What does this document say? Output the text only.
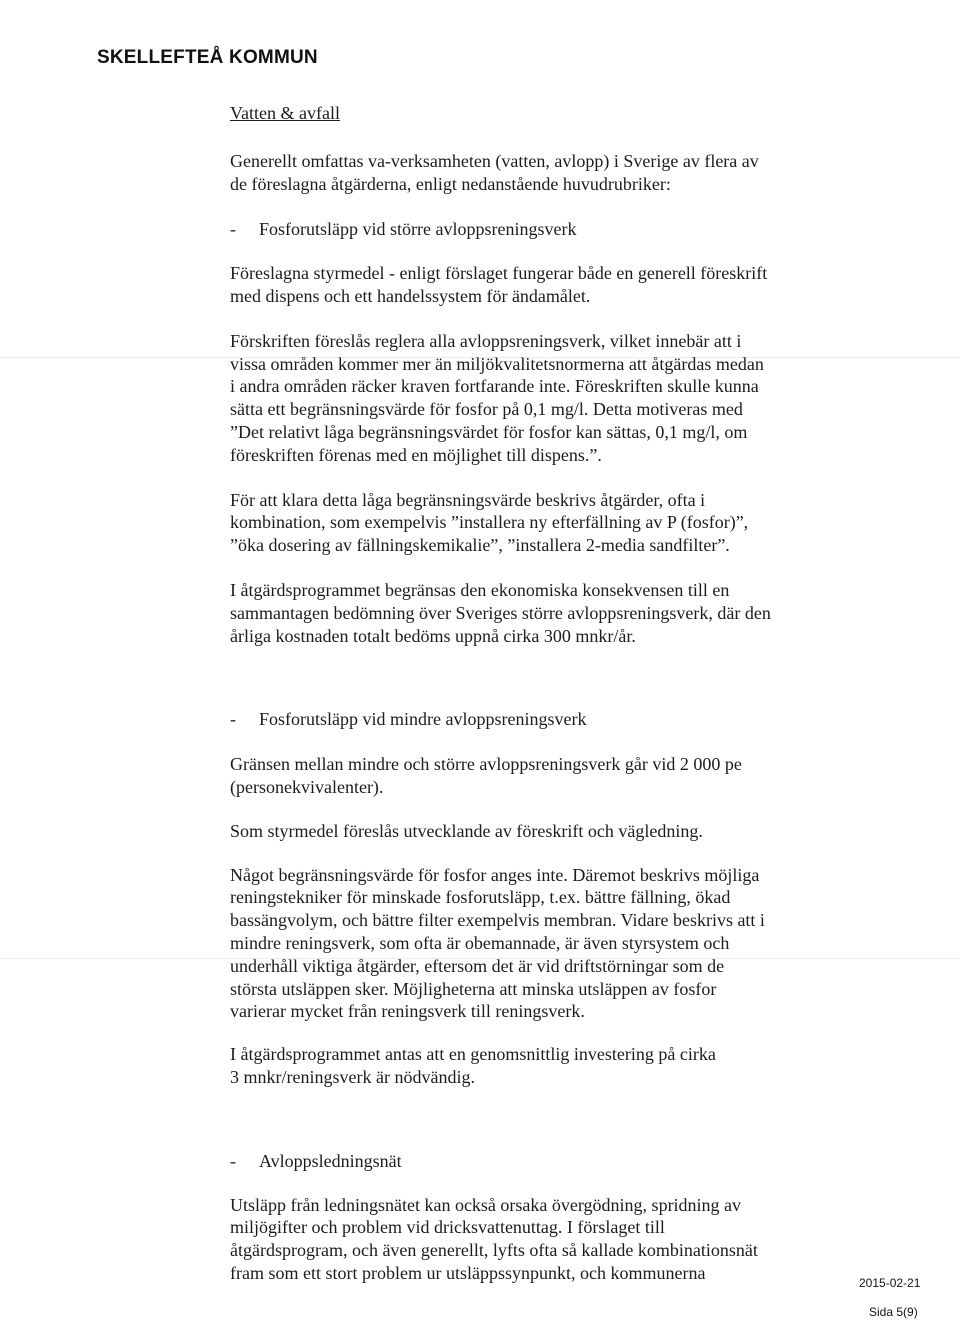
SKELLEFTEÅ KOMMUN

Vatten & avfall

Generellt omfattas va-verksamheten (vatten, avlopp) i Sverige av flera av
de föreslagna åtgärderna, enligt nedanstående huvudrubriker:

-	Fosforutsläpp vid större avloppsreningsverk

Föreslagna styrmedel - enligt förslaget fungerar både en generell föreskrift
med dispens och ett handelssystem för ändamålet.

Förskriften föreslås reglera alla avloppsreningsverk, vilket innebär att i
vissa områden kommer mer än miljökvalitetsnormerna att åtgärdas medan
i andra områden räcker kraven fortfarande inte. Föreskriften skulle kunna
sätta ett begränsningsvärde för fosfor på 0,1 mg/l. Detta motiveras med
”Det relativt låga begränsningsvärdet för fosfor kan sättas, 0,1 mg/l, om
föreskriften förenas med en möjlighet till dispens.”.

För att klara detta låga begränsningsvärde beskrivs åtgärder, ofta i
kombination, som exempelvis ”installera ny efterfällning av P (fosfor)”,
”öka dosering av fällningskemikalie”, ”installera 2-media sandfilter”.

I åtgärdsprogrammet begränsas den ekonomiska konsekvensen till en
sammantagen bedömning över Sveriges större avloppsreningsverk, där den
årliga kostnaden totalt bedöms uppnå cirka 300 mnkr/år.

-	Fosforutsläpp vid mindre avloppsreningsverk

Gränsen mellan mindre och större avloppsreningsverk går vid 2 000 pe
(personekvivalenter).

Som styrmedel föreslås utvecklande av föreskrift och vägledning.

Något begränsningsvärde för fosfor anges inte. Däremot beskrivs möjliga
reningstekniker för minskade fosforutsläpp, t.ex. bättre fällning, ökad
bassängvolym, och bättre filter exempelvis membran. Vidare beskrivs att i
mindre reningsverk, som ofta är obemannade, är även styrsystem och
underhåll viktiga åtgärder, eftersom det är vid driftstörningar som de
största utsläppen sker. Möjligheterna att minska utsläppen av fosfor
varierar mycket från reningsverk till reningsverk.

I åtgärdsprogrammet antas att en genomsnittlig investering på cirka
3 mnkr/reningsverk är nödvändig.

-	Avloppsledningsnät

Utsläpp från ledningsnätet kan också orsaka övergödning, spridning av
miljögifter och problem vid dricksvattenuttag. I förslaget till
åtgärdsprogram, och även generellt, lyfts ofta så kallade kombinationsnät
fram som ett stort problem ur utsläppssynpunkt, och kommunerna

2015-02-21
Sida 5(9)
